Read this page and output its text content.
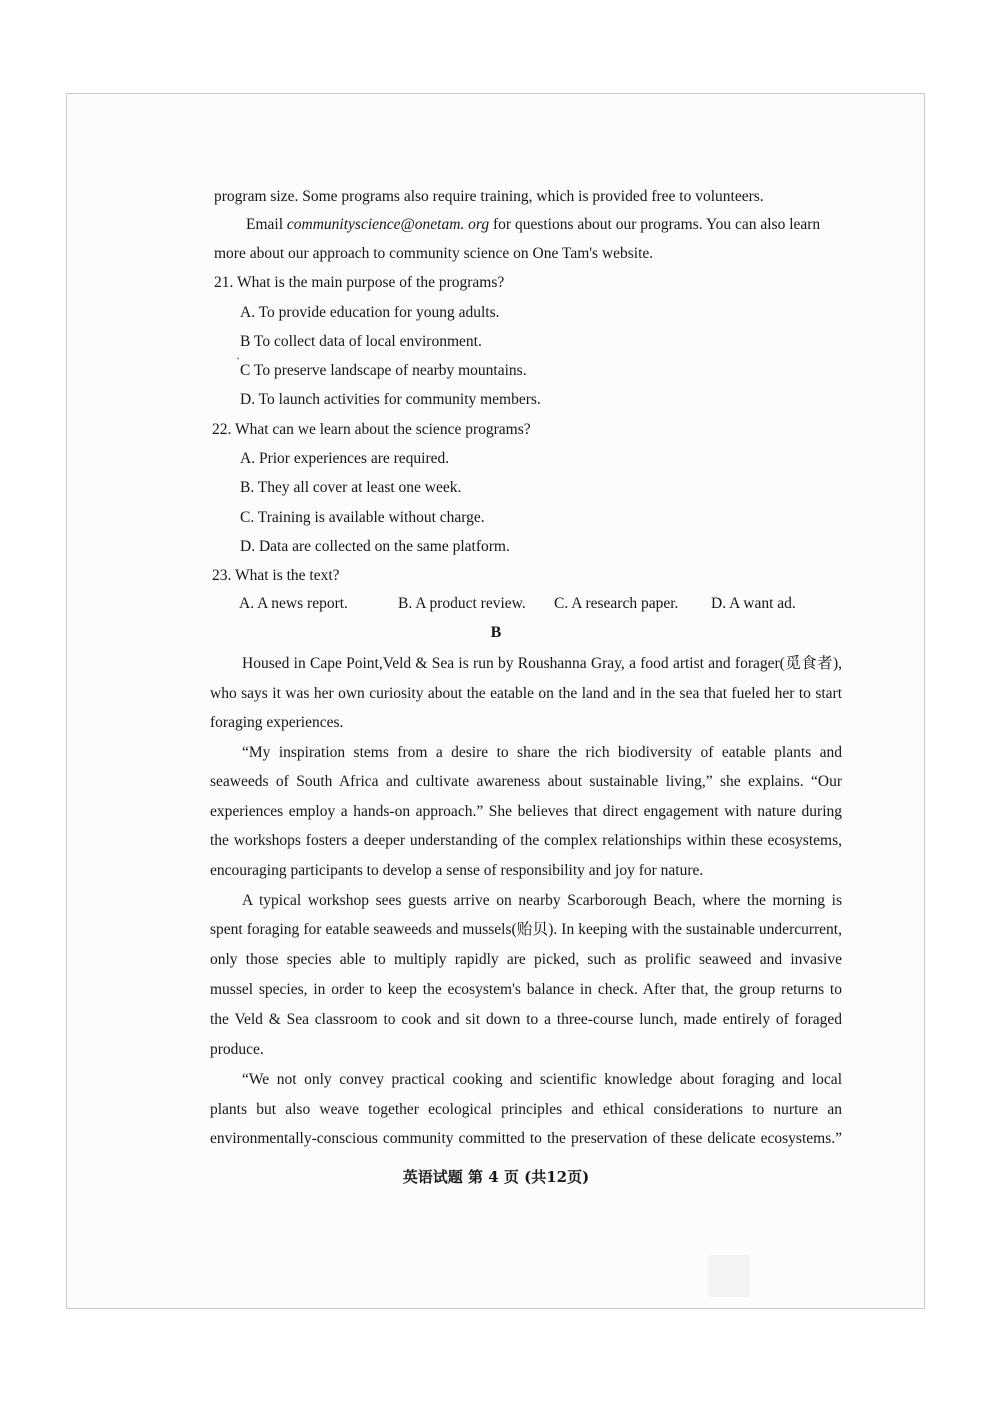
program size. Some programs also require training, which is provided free to volunteers.
Email communityscience@onetam. org for questions about our programs. You can also learn
more about our approach to community science on One Tam's website.
21. What is the main purpose of the programs?
A. To provide education for young adults.
B To collect data of local environment.
` C To preserve landscape of nearby mountains.
D. To launch activities for community members.
22. What can we learn about the science programs?
A. Prior experiences are required.
B. They all cover at least one week.
C. Training is available without charge.
D. Data are collected on the same platform.
23. What is the text?
A. A news report.	B. A product review. C. A research paper. D. A want ad.
B
Housed in Cape Point,Veld & Sea is run by Roushanna Gray, a food artist and forager(觅食者),
who says it was her own curiosity about the eatable on the land and in the sea that fueled her to start
foraging experiences.
“My inspiration stems from a desire to share the rich biodiversity of eatable plants and
seaweeds of South Africa and cultivate awareness about sustainable living,” she explains. “Our
experiences employ a hands-on approach.” She believes that direct engagement with nature during
the workshops fosters a deeper understanding of the complex relationships within these ecosystems,
encouraging participants to develop a sense of responsibility and joy for nature.
A typical workshop sees guests arrive on nearby Scarborough Beach, where the morning is
spent foraging for eatable seaweeds and mussels(贻贝). In keeping with the sustainable undercurrent,
only those species able to multiply rapidly are picked, such as prolific seaweed and invasive
mussel species, in order to keep the ecosystem's balance in check. After that, the group returns to
the Veld & Sea classroom to cook and sit down to a three-course lunch, made entirely of foraged
produce.
“We not only convey practical cooking and scientific knowledge about foraging and local
plants but also weave together ecological principles and ethical considerations to nurture an
environmentally-conscious community committed to the preservation of these delicate ecosystems.”
英语试题 第 4 页 (共12页)
